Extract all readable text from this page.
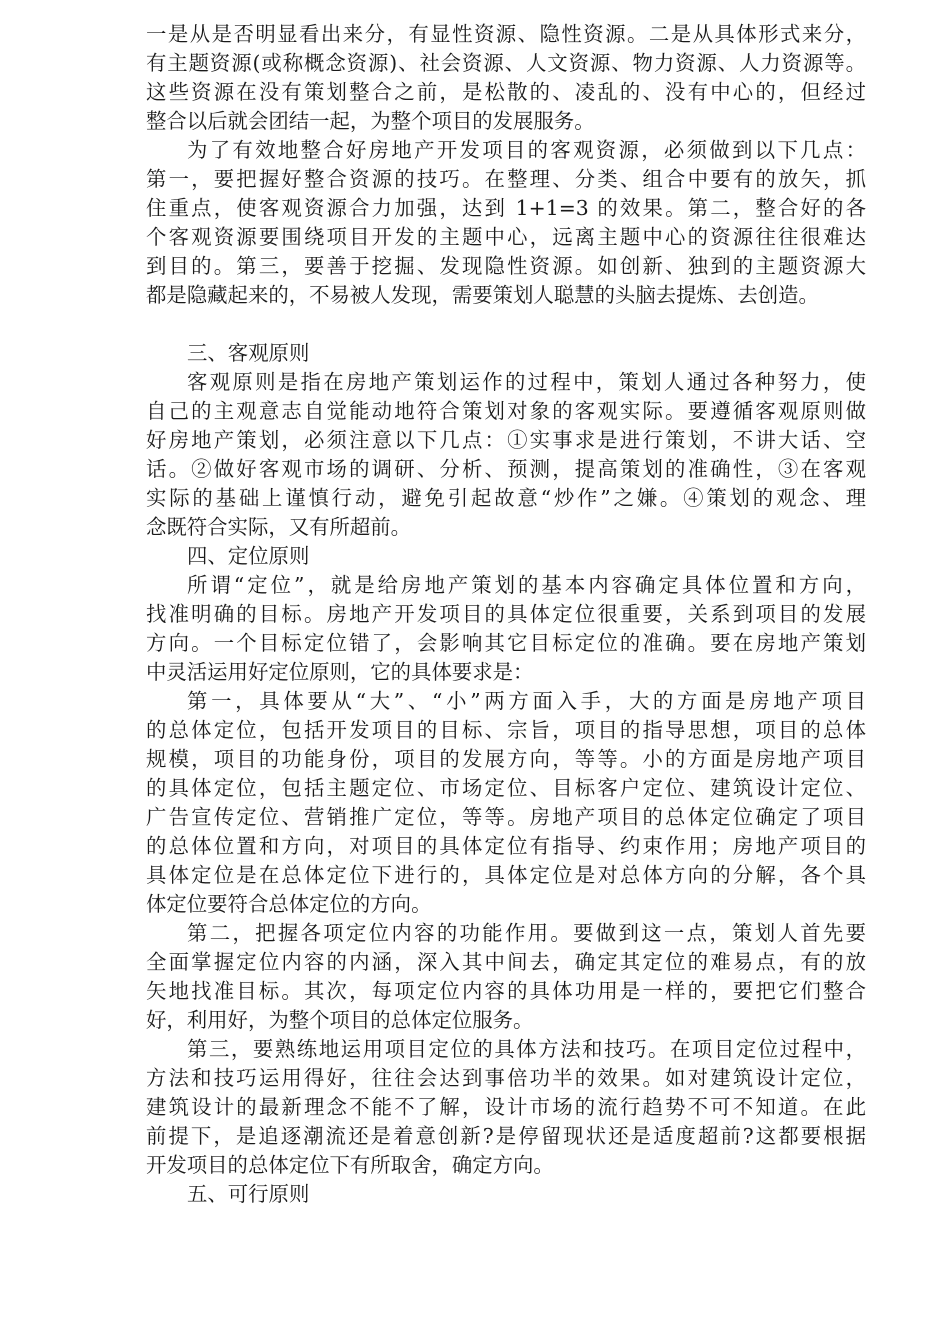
一是从是否明显看出来分，有显性资源、隐性资源。二是从具体形式来分，
有主题资源(或称概念资源)、社会资源、人文资源、物力资源、人力资源等。
这些资源在没有策划整合之前，是松散的、凌乱的、没有中心的，但经过
整合以后就会团结一起，为整个项目的发展服务。
为了有效地整合好房地产开发项目的客观资源，必须做到以下几点：
第一，要把握好整合资源的技巧。在整理、分类、组合中要有的放矢，抓
住重点，使客观资源合力加强，达到 1+1=3 的效果。第二，整合好的各
个客观资源要围绕项目开发的主题中心，远离主题中心的资源往往很难达
到目的。第三，要善于挖掘、发现隐性资源。如创新、独到的主题资源大
都是隐藏起来的，不易被人发现，需要策划人聪慧的头脑去提炼、去创造。
三、客观原则
客观原则是指在房地产策划运作的过程中，策划人通过各种努力，使
自己的主观意志自觉能动地符合策划对象的客观实际。要遵循客观原则做
好房地产策划，必须注意以下几点：①实事求是进行策划，不讲大话、空
话。②做好客观市场的调研、分析、预测，提高策划的准确性，③在客观
实际的基础上谨慎行动，避免引起故意“炒作”之嫌。④策划的观念、理
念既符合实际，又有所超前。
四、定位原则
所谓“定位”，就是给房地产策划的基本内容确定具体位置和方向，
找准明确的目标。房地产开发项目的具体定位很重要，关系到项目的发展
方向。一个目标定位错了，会影响其它目标定位的准确。要在房地产策划
中灵活运用好定位原则，它的具体要求是：
第一，具体要从“大”、“小”两方面入手，大的方面是房地产项目
的总体定位，包括开发项目的目标、宗旨，项目的指导思想，项目的总体
规模，项目的功能身份，项目的发展方向，等等。小的方面是房地产项目
的具体定位，包括主题定位、市场定位、目标客户定位、建筑设计定位、
广告宣传定位、营销推广定位，等等。房地产项目的总体定位确定了项目
的总体位置和方向，对项目的具体定位有指导、约束作用；房地产项目的
具体定位是在总体定位下进行的，具体定位是对总体方向的分解，各个具
体定位要符合总体定位的方向。
第二，把握各项定位内容的功能作用。要做到这一点，策划人首先要
全面掌握定位内容的内涵，深入其中间去，确定其定位的难易点，有的放
矢地找准目标。其次，每项定位内容的具体功用是一样的，要把它们整合
好，利用好，为整个项目的总体定位服务。
第三，要熟练地运用项目定位的具体方法和技巧。在项目定位过程中，
方法和技巧运用得好，往往会达到事倍功半的效果。如对建筑设计定位，
建筑设计的最新理念不能不了解，设计市场的流行趋势不可不知道。在此
前提下，是追逐潮流还是着意创新?是停留现状还是适度超前?这都要根据
开发项目的总体定位下有所取舍，确定方向。
五、可行原则
